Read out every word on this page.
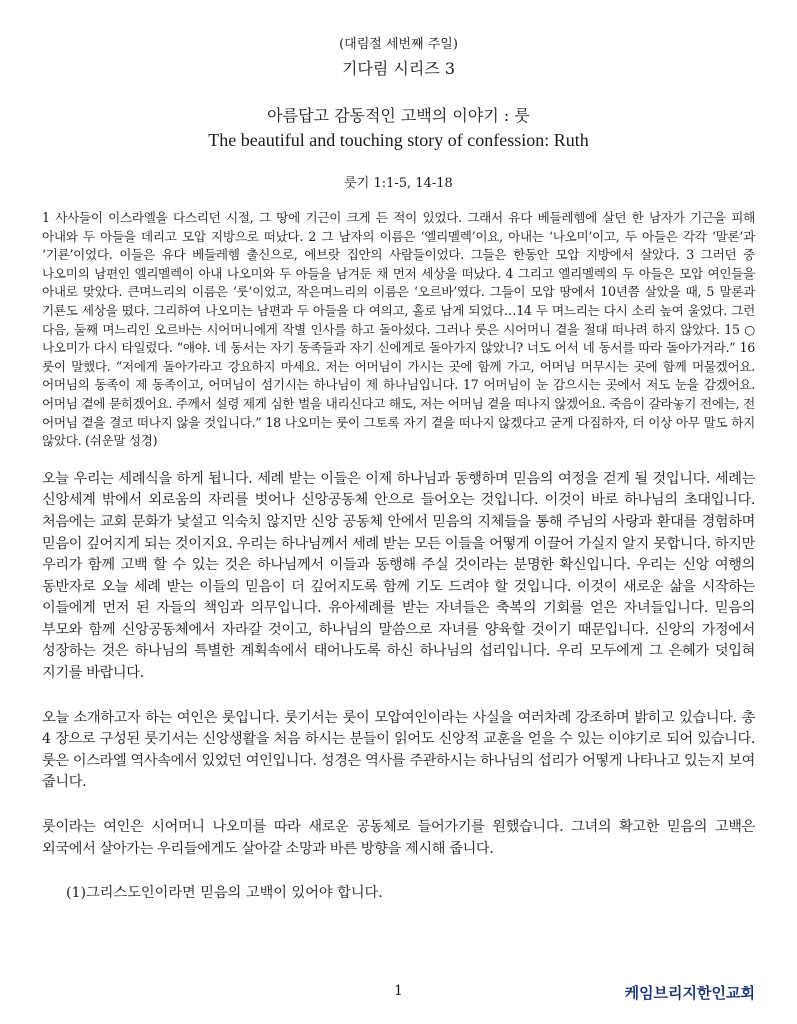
(대림절 세번째 주일)
기다림 시리즈 3
아름답고 감동적인 고백의 이야기 : 룻
The beautiful and touching story of confession: Ruth
룻기 1:1-5, 14-18

1 사사들이 이스라엘을 다스리던 시절, 그 땅에 기근이 크게 든 적이 있었다. 그래서 유다 베들레헴에 살던 한 남자가 기근을 피해 아내와 두 아들을 데리고 모압 지방으로 떠났다. 2 그 남자의 이름은 ‘엘리멜렉’이요, 아내는 ‘나오미’이고, 두 아들은 각각 ‘말론’과 ‘기룐’이었다. 이들은 유다 베들레헴 출신으로, 에브랏 집안의 사람들이었다. 그들은 한동안 모압 지방에서 살았다. 3 그러던 중 나오미의 남편인 엘리멜렉이 아내 나오미와 두 아들을 남겨둔 채 먼저 세상을 떠났다. 4 그리고 엘리멜렉의 두 아들은 모압 여인들을 아내로 맞았다. 큰며느리의 이름은 ‘룻’이었고, 작은며느리의 이름은 ‘오르바’였다. 그들이 모압 땅에서 10년쯤 살았을 때, 5 말론과 기룐도 세상을 떴다. 그리하여 나오미는 남편과 두 아들을 다 여의고, 홀로 남게 되었다…14 두 며느리는 다시 소리 높여 울었다. 그런 다음, 둘째 며느리인 오르바는 시어머니에게 작별 인사를 하고 돌아섰다. 그러나 룻은 시어머니 곁을 절대 떠나려 하지 않았다. 15 ○ 나오미가 다시 타일렀다. “얘야. 네 동서는 자기 동족들과 자기 신에게로 돌아가지 않았니? 너도 어서 네 동서를 따라 돌아가거라.” 16 룻이 말했다. “저에게 돌아가라고 강요하지 마세요. 저는 어머님이 가시는 곳에 함께 가고, 어머님 머무시는 곳에 함께 머물겠어요. 어머님의 동족이 제 동족이고, 어머님이 섬기시는 하나님이 제 하나님입니다. 17 어머님이 눈 감으시는 곳에서 저도 눈을 감겠어요. 어머님 곁에 묻히겠어요. 주께서 설령 제게 심한 벌을 내리신다고 해도, 저는 어머님 곁을 떠나지 않겠어요. 죽음이 갈라놓기 전에는, 전 어머님 곁을 결코 떠나지 않을 것입니다.” 18 나오미는 룻이 그토록 자기 곁을 떠나지 않겠다고 굳게 다짐하자, 더 이상 아무 말도 하지 않았다. (쉬운말 성경)

오늘 우리는 세례식을 하게 됩니다. 세례 받는 이들은 이제 하나님과 동행하며 믿음의 여정을 걷게 될 것입니다. 세례는 신앙세계 밖에서 외로움의 자리를 벗어나 신앙공동체 안으로 들어오는 것입니다. 이것이 바로 하나님의 초대입니다. 처음에는 교회 문화가 낯설고 익숙치 않지만 신앙 공동체 안에서 믿음의 지체들을 통해 주님의 사랑과 환대를 경험하며 믿음이 깊어지게 되는 것이지요. 우리는 하나님께서 세례 받는 모든 이들을 어떻게 이끌어 가실지 알지 못합니다. 하지만 우리가 함께 고백 할 수 있는 것은 하나님께서 이들과 동행해 주실 것이라는 분명한 확신입니다. 우리는 신앙 여행의 동반자로 오늘 세례 받는 이들의 믿음이 더 깊어지도록 함께 기도 드려야 할 것입니다. 이것이 새로운 삶을 시작하는 이들에게 먼저 된 자들의 책임과 의무입니다. 유아세례를 받는 자녀들은 축복의 기회를 얻은 자녀들입니다. 믿음의 부모와 함께 신앙공동체에서 자라갈 것이고, 하나님의 말씀으로 자녀를 양육할 것이기 때문입니다. 신앙의 가정에서 성장하는 것은 하나님의 특별한 계획속에서 태어나도록 하신 하나님의 섭리입니다. 우리 모두에게 그 은혜가 덧입혀 지기를 바랍니다.

오늘 소개하고자 하는 여인은 룻입니다. 룻기서는 룻이 모압여인이라는 사실을 여러차례 강조하며 밝히고 있습니다. 총 4 장으로 구성된 룻기서는 신앙생활을 처음 하시는 분들이 읽어도 신앙적 교훈을 얻을 수 있는 이야기로 되어 있습니다. 룻은 이스라엘 역사속에서 있었던 여인입니다. 성경은 역사를 주관하시는 하나님의 섭리가 어떻게 나타나고 있는지 보여 줍니다.

룻이라는 여인은 시어머니 나오미를 따라 새로운 공동체로 들어가기를 원했습니다. 그녀의 확고한 믿음의 고백은 외국에서 살아가는 우리들에게도 살아갈 소망과 바른 방향을 제시해 줍니다.

(1)그리스도인이라면 믿음의 고백이 있어야 합니다.
1	케임브리지한인교회
